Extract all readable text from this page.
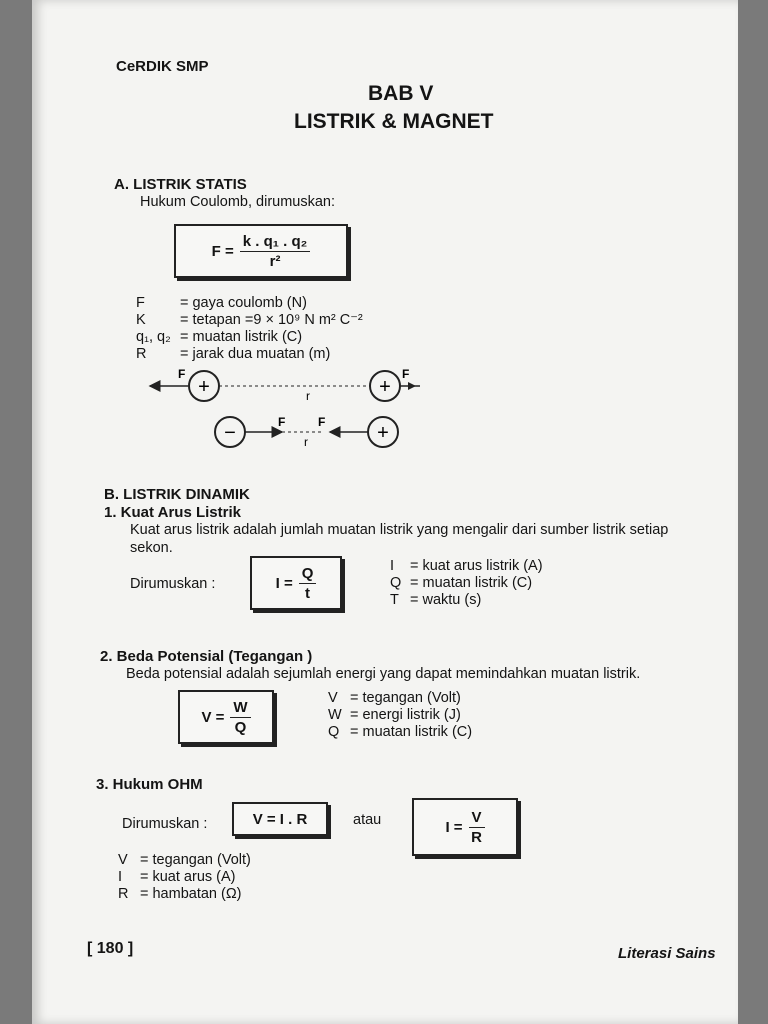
CeRDIK SMP
BAB V
LISTRIK & MAGNET
A. LISTRIK STATIS
Hukum Coulomb, dirumuskan:
$F = \frac{\text{k . q₁ . q₂}}{\text{r²}}$
F	= gaya coulomb (N)
K	= tetapan =9 × 10⁹ N m² C⁻²
q₁, q₂	= muatan listrik (C)
R	= jarak dua muatan (m)
+	+
F	F
r
−	+
F	F
r
B. LISTRIK DINAMIK
1. Kuat Arus Listrik
Kuat arus listrik adalah jumlah muatan listrik yang mengalir dari sumber listrik setiap
sekon.
Dirumuskan :	$I = \frac{Q}{t}$	I	= kuat arus listrik (A)
Q	= muatan listrik (C)
T	= waktu (s)
2. Beda Potensial (Tegangan )
Beda potensial adalah sejumlah energi yang dapat memindahkan muatan listrik.
$V = \frac{W}{Q}$
V	= tegangan (Volt)
W	= energi listrik (J)
Q	= muatan listrik (C)
3. Hukum OHM
Dirumuskan :	V = I . R	atau	$I = \frac{V}{R}$
V	= tegangan (Volt)
I	= kuat arus (A)
R	= hambatan (Ω)
[ 180 ]	Literasi Sains
